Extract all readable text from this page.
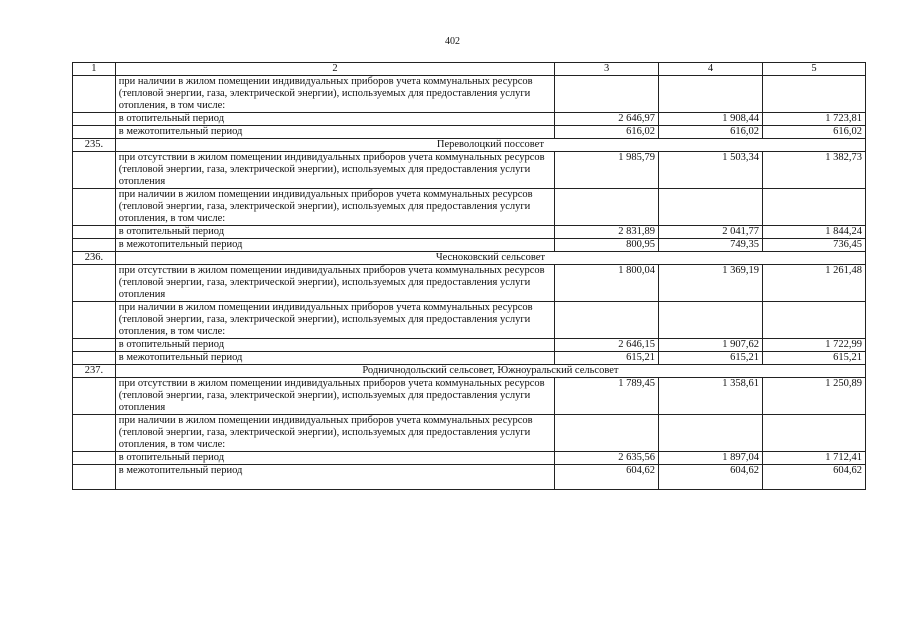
402
1	2	3	4	5
	при наличии в жилом помещении индивидуальных приборов учета коммунальных ресурсов (тепловой энергии, газа, электрической энергии), используемых для предоставления услуги отопления, в том числе:			
	в отопительный период	2 646,97	1 908,44	1 723,81
	в межотопительный период	616,02	616,02	616,02
235.	Переволоцкий поссовет			
	при отсутствии в жилом помещении индивидуальных приборов учета коммунальных ресурсов (тепловой энергии, газа, электрической энергии), используемых для предоставления услуги отопления	1 985,79	1 503,34	1 382,73
	при наличии в жилом помещении индивидуальных приборов учета коммунальных ресурсов (тепловой энергии, газа, электрической энергии), используемых для предоставления услуги отопления, в том числе:			
	в отопительный период	2 831,89	2 041,77	1 844,24
	в межотопительный период	800,95	749,35	736,45
236.	Чесноковский сельсовет			
	при отсутствии в жилом помещении индивидуальных приборов учета коммунальных ресурсов (тепловой энергии, газа, электрической энергии), используемых для предоставления услуги отопления	1 800,04	1 369,19	1 261,48
	при наличии в жилом помещении индивидуальных приборов учета коммунальных ресурсов (тепловой энергии, газа, электрической энергии), используемых для предоставления услуги отопления, в том числе:			
	в отопительный период	2 646,15	1 907,62	1 722,99
	в межотопительный период	615,21	615,21	615,21
237.	Родничнодольский сельсовет, Южноуральский сельсовет			
	при отсутствии в жилом помещении индивидуальных приборов учета коммунальных ресурсов (тепловой энергии, газа, электрической энергии), используемых для предоставления услуги отопления	1 789,45	1 358,61	1 250,89
	при наличии в жилом помещении индивидуальных приборов учета коммунальных ресурсов (тепловой энергии, газа, электрической энергии), используемых для предоставления услуги отопления, в том числе:			
	в отопительный период	2 635,56	1 897,04	1 712,41
	в межотопительный период	604,62	604,62	604,62
